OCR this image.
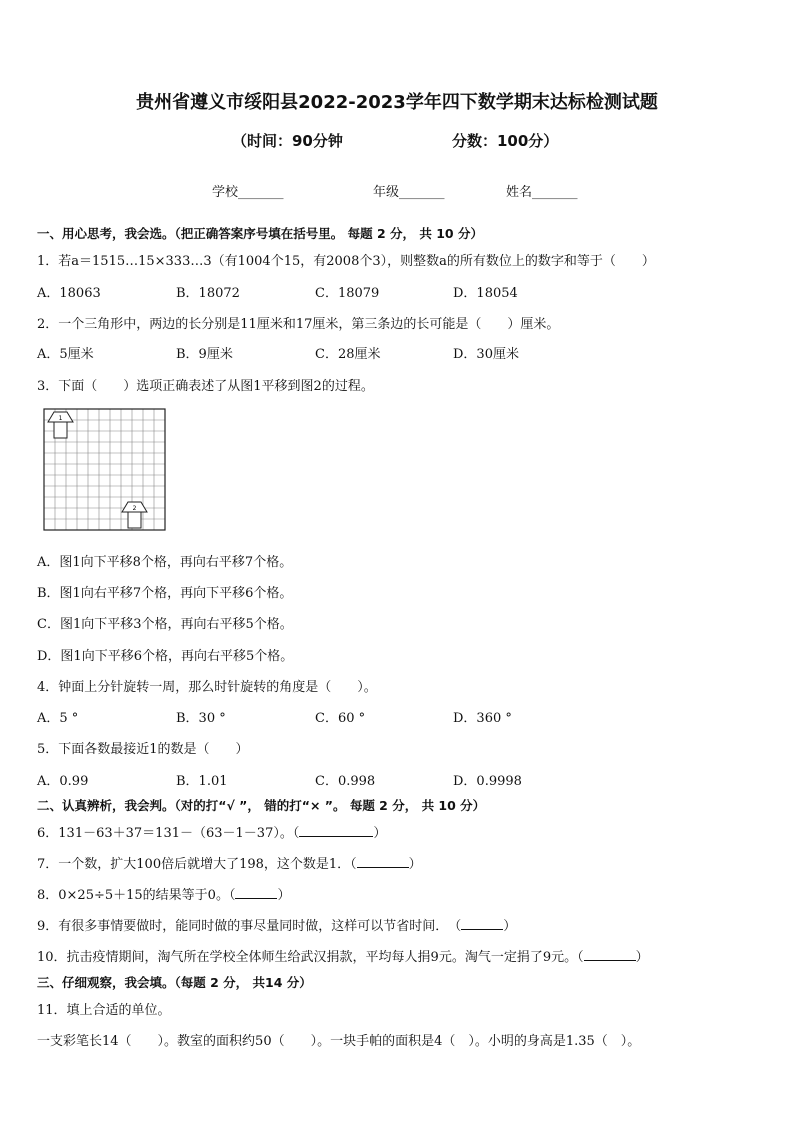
贵州省遵义市绥阳县2022-2023学年四下数学期末达标检测试题
（时间：90分钟	分数：100分）
学校_______	年级_______	姓名_______
一、用心思考，我会选。（把正确答案序号填在括号里。 每题 2 分， 共 10 分）
1．若a＝1515…15×333…3（有1004个15，有2008个3），则整数a的所有数位上的数字和等于（　　）
A．18063	B．18072	C．18079	D．18054
2．一个三角形中，两边的长分别是11厘米和17厘米，第三条边的长可能是（　　）厘米。
A．5厘米	B．9厘米	C．28厘米	D．30厘米
3．下面（　　）选项正确表述了从图1平移到图2的过程。
1
2
A．图1向下平移8个格，再向右平移7个格。
B．图1向右平移7个格，再向下平移6个格。
C．图1向下平移3个格，再向右平移5个格。
D．图1向下平移6个格，再向右平移5个格。
4．钟面上分针旋转一周，那么时针旋转的角度是（　　）。
A．5 °	B．30 °	C．60 °	D．360 °
5．下面各数最接近1的数是（　　）
A．0.99	B．1.01	C．0.998	D．0.9998
二、认真辨析，我会判。（对的打“√ ”， 错的打“× ”。 每题 2 分， 共 10 分）
6．131－63＋37＝131－（63－1－37）。（	）
7．一个数，扩大100倍后就增大了198，这个数是1．（	）
8．0×25÷5＋15的结果等于0。（	）
9．有很多事情要做时，能同时做的事尽量同时做，这样可以节省时间．　（	）
10．抗击疫情期间，淘气所在学校全体师生给武汉捐款，平均每人捐9元。淘气一定捐了9元。（	）
三、仔细观察，我会填。（每题 2 分， 共14 分）
11．填上合适的单位。
一支彩笔长14（　　）。教室的面积约50（　　）。一块手帕的面积是4（　）。小明的身高是1.35（　）。
